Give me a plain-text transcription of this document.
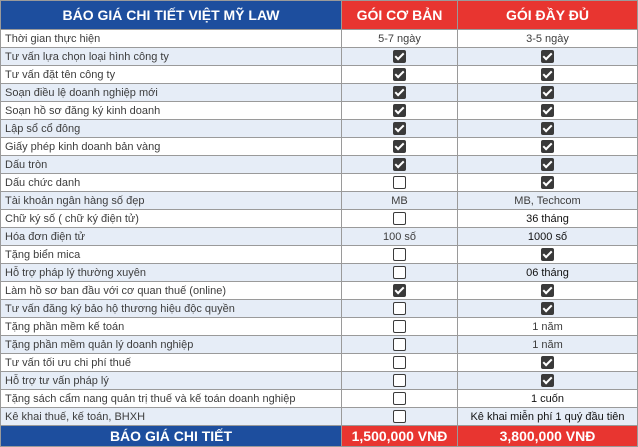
BÁO GIÁ CHI TIẾT VIỆT MỸ LAW	GÓI CƠ BẢN	GÓI ĐẦY ĐỦ
Thời gian thực hiện	5-7 ngày	3-5 ngày
Tư vấn lựa chọn loại hình công ty		
Tư vấn đặt tên công ty		
Soạn điều lệ doanh nghiệp mới		
Soạn hồ sơ đăng ký kinh doanh		
Lập sổ cổ đông		
Giấy phép kinh doanh bản vàng		
Dấu tròn		
Dấu chức danh		
Tài khoản ngân hàng số đẹp	MB	MB, Techcom
Chữ ký số ( chữ ký điện tử)		36 tháng
Hóa đơn điện tử	100 số	1000 số
Tặng biển mica		
Hỗ trợ pháp lý thường xuyên		06 tháng
Làm hồ sơ ban đầu với cơ quan thuế (online)		
Tư vấn đăng ký bảo hộ thương hiệu độc quyền		
Tặng phần mềm kế toán		1 năm
Tặng phần mềm quản lý doanh nghiệp		1 năm
Tư vấn tối ưu chi phí thuế		
Hỗ trợ tư vấn pháp lý		
Tặng sách cẩm nang quản trị thuế và kế toán doanh nghiệp		1 cuốn
Kê khai thuế, kế toán, BHXH		Kê khai miễn phí 1 quý đầu tiên
BÁO GIÁ CHI TIẾT	1,500,000 VNĐ	3,800,000 VNĐ
